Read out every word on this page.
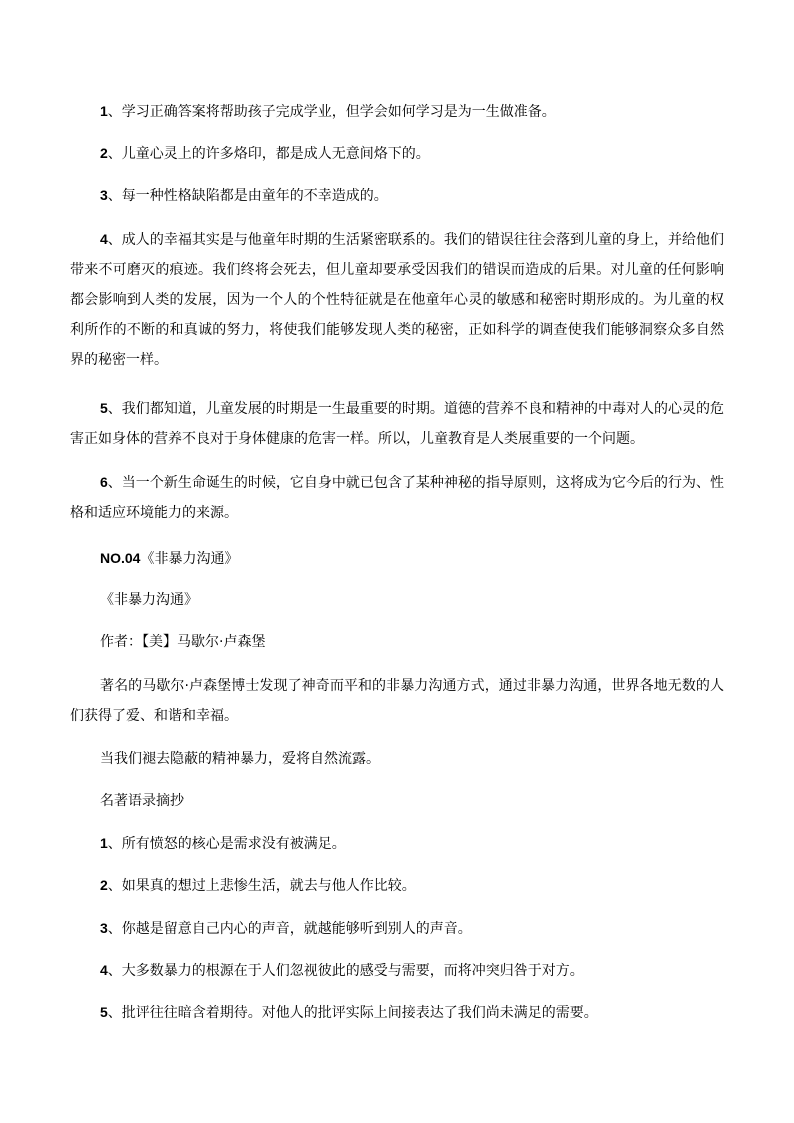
1、学习正确答案将帮助孩子完成学业，但学会如何学习是为一生做准备。

2、儿童心灵上的许多烙印，都是成人无意间烙下的。

3、每一种性格缺陷都是由童年的不幸造成的。

4、成人的幸福其实是与他童年时期的生活紧密联系的。我们的错误往往会落到儿童的身上，并给他们带来不可磨灭的痕迹。我们终将会死去，但儿童却要承受因我们的错误而造成的后果。对儿童的任何影响都会影响到人类的发展，因为一个人的个性特征就是在他童年心灵的敏感和秘密时期形成的。为儿童的权利所作的不断的和真诚的努力，将使我们能够发现人类的秘密，正如科学的调查使我们能够洞察众多自然界的秘密一样。

5、我们都知道，儿童发展的时期是一生最重要的时期。道德的营养不良和精神的中毒对人的心灵的危害正如身体的营养不良对于身体健康的危害一样。所以，儿童教育是人类展重要的一个问题。

6、当一个新生命诞生的时候，它自身中就已包含了某种神秘的指导原则，这将成为它今后的行为、性格和适应环境能力的来源。

NO.04《非暴力沟通》

《非暴力沟通》

作者：【美】马歇尔·卢森堡

著名的马歇尔·卢森堡博士发现了神奇而平和的非暴力沟通方式，通过非暴力沟通，世界各地无数的人们获得了爱、和谐和幸福。

当我们褪去隐蔽的精神暴力，爱将自然流露。

名著语录摘抄

1、所有愤怒的核心是需求没有被满足。

2、如果真的想过上悲惨生活，就去与他人作比较。

3、你越是留意自己内心的声音，就越能够听到别人的声音。

4、大多数暴力的根源在于人们忽视彼此的感受与需要，而将冲突归咎于对方。

5、批评往往暗含着期待。对他人的批评实际上间接表达了我们尚未满足的需要。
